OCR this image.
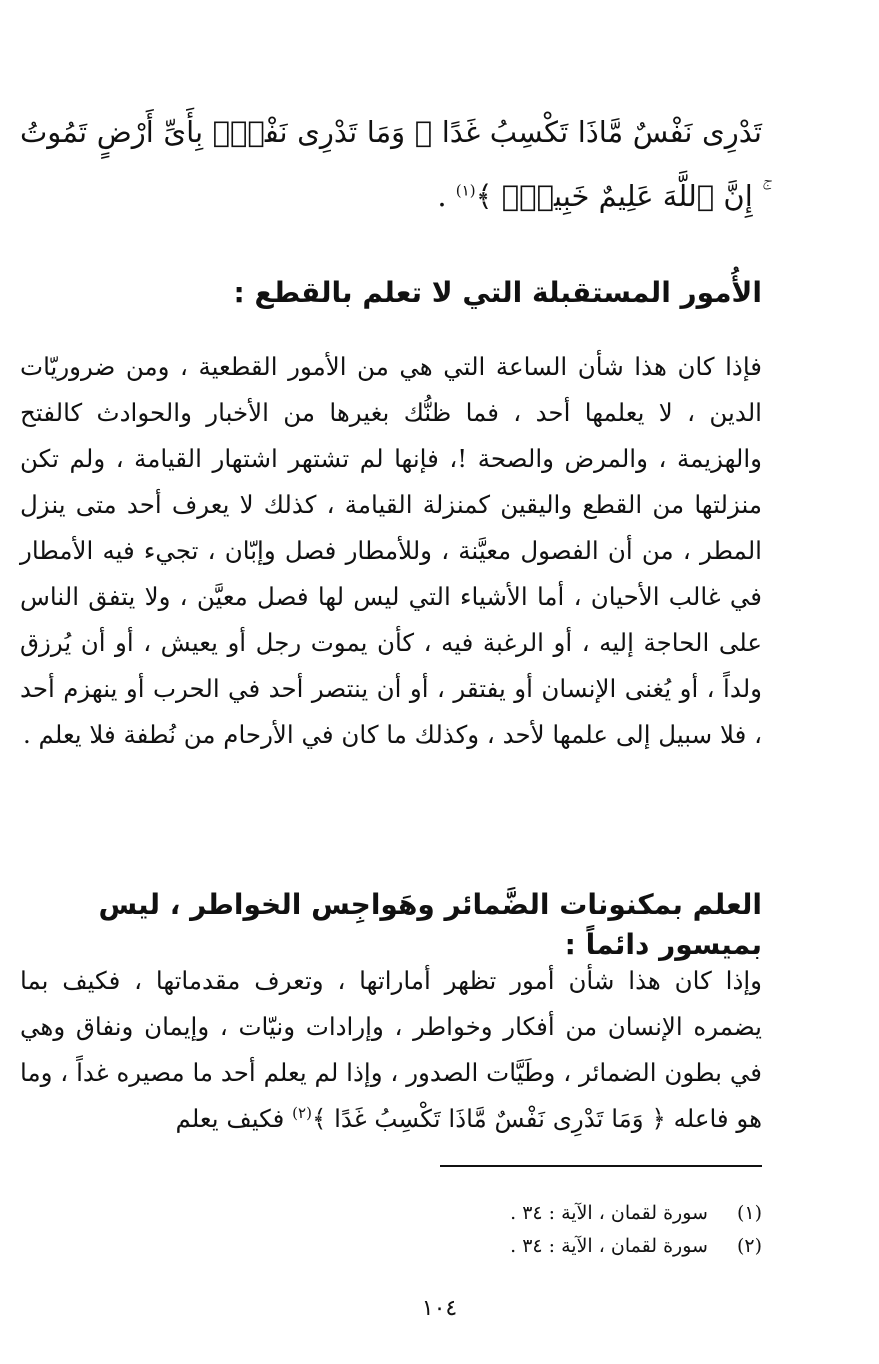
تَدْرِى نَفْسٌ مَّاذَا تَكْسِبُ غَدًا ۖ وَمَا تَدْرِى نَفْسٌۢ بِأَىِّ أَرْضٍ تَمُوتُ ۚ إِنَّ ٱللَّهَ عَلِيمٌ خَبِيرٌۢ ﴾$^{(١)}$ .
الأُمور المستقبلة التي لا تعلم بالقطع :
فإذا كان هذا شأن الساعة التي هي من الأمور القطعية ، ومن ضروريّات الدين ، لا يعلمها أحد ، فما ظنُّك بغيرها من الأخبار والحوادث كالفتح والهزيمة ، والمرض والصحة !، فإنها لم تشتهر اشتهار القيامة ، ولم تكن منزلتها من القطع واليقين كمنزلة القيامة ، كذلك لا يعرف أحد متى ينزل المطر ، من أن الفصول معيَّنة ، وللأمطار فصل وإبّان ، تجيء فيه الأمطار في غالب الأحيان ، أما الأشياء التي ليس لها فصل معيَّن ، ولا يتفق الناس على الحاجة إليه ، أو الرغبة فيه ، كأن يموت رجل أو يعيش ، أو أن يُرزق ولداً ، أو يُغنى الإنسان أو يفتقر ، أو أن ينتصر أحد في الحرب أو ينهزم أحد ، فلا سبيل إلى علمها لأحد ، وكذلك ما كان في الأرحام من نُطفة فلا يعلم .
العلم بمكنونات الضَّمائر وهَواجِس الخواطر ، ليس بميسور دائماً :
وإذا كان هذا شأن أمور تظهر أماراتها ، وتعرف مقدماتها ، فكيف بما يضمره الإنسان من أفكار وخواطر ، وإرادات ونيّات ، وإيمان ونفاق وهي في بطون الضمائر ، وطَيَّات الصدور ، وإذا لم يعلم أحد ما مصيره غداً ، وما هو فاعله ﴿ وَمَا تَدْرِى نَفْسٌ مَّاذَا تَكْسِبُ غَدًا ﴾$^{(٢)}$ فكيف يعلم
(١) سورة لقمان ، الآية : ٣٤ .
(٢) سورة لقمان ، الآية : ٣٤ .
١٠٤
